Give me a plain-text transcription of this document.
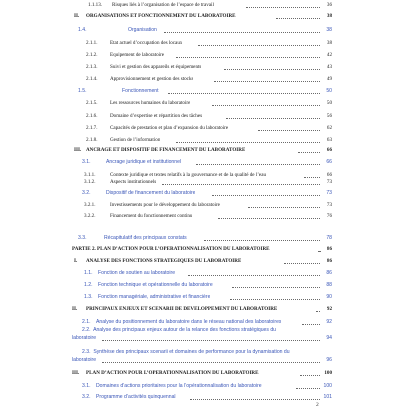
1.1.13. Risques liés à l’organisation de l’espace de travail	36
II. ORGANISATIONS ET FONCTIONNEMENT DU LABORATOIRE	38
1.4.	Organisation	38
2.1.1. Etat actuel d’occupation des locaux	38
2.1.2. Equipement de laboratoire	42
2.1.3. Suivi et gestion des appareils et équipements	43
2.1.4. Approvisionnement et gestion des stocks	49
1.5.	Fonctionnement	50
2.1.5. Les ressources humaines du laboratoire	50
2.1.6. Domaine d’expertise et répartition des tâches	56
2.1.7. Capacités de prestation et plan d’expansion du laboratoire	62
2.1.8. Gestion de l’information	63
III. ANCRAGE ET DISPOSITIF DE FINANCEMENT DU LABORATOIRE	66
3.1.	Ancrage juridique et institutionnel	66
3.1.1.	Contexte juridique et textes relatifs à la gouvernance et de la qualité de l’eau	66
3.1.2.	Aspects institutionnels	73
3.2.	Dispositif de financement du laboratoire	73
3.2.1.	Investissements pour le développement du laboratoire	73
3.2.2.	Financement du fonctionnement continu	76
3.3.	Récapitulatif des principaux constats	78
PARTIE 2. PLAN D’ACTION POUR L’OPERATIONNALISATION DU LABORATOIRE	86
I. ANALYSE DES FONCTIONS STRATEGIQUES DU LABORATOIRE	86
1.1. Fonction de soutien au laboratoire	86
1.2. Fonction technique et opérationnelle du laboratoire	88
1.3. Fonction managériale, administrative et financière	90
II. PRINCIPAUX ENJEUX ET SCENARII DE DEVELOPPEMENT DU LABORATOIRE	92
2.1. Analyse du positionnement du laboratoire dans le réseau national des laboratoires	92
2.2. Analyse des principaux enjeux autour de la relance des fonctions stratégiques du
laboratoire	94
2.3. Synthèse des principaux scenarii et domaines de performance pour la dynamisation du
laboratoire	96
III. PLAN D’ACTION POUR L’OPERATIONNALISATION DU LABORATOIRE	100
3.1. Domaines d’actions prioritaires pour la l’opérationnalisation du laboratoire	100
3.2. Programme d’activités quinquennal	101
2
